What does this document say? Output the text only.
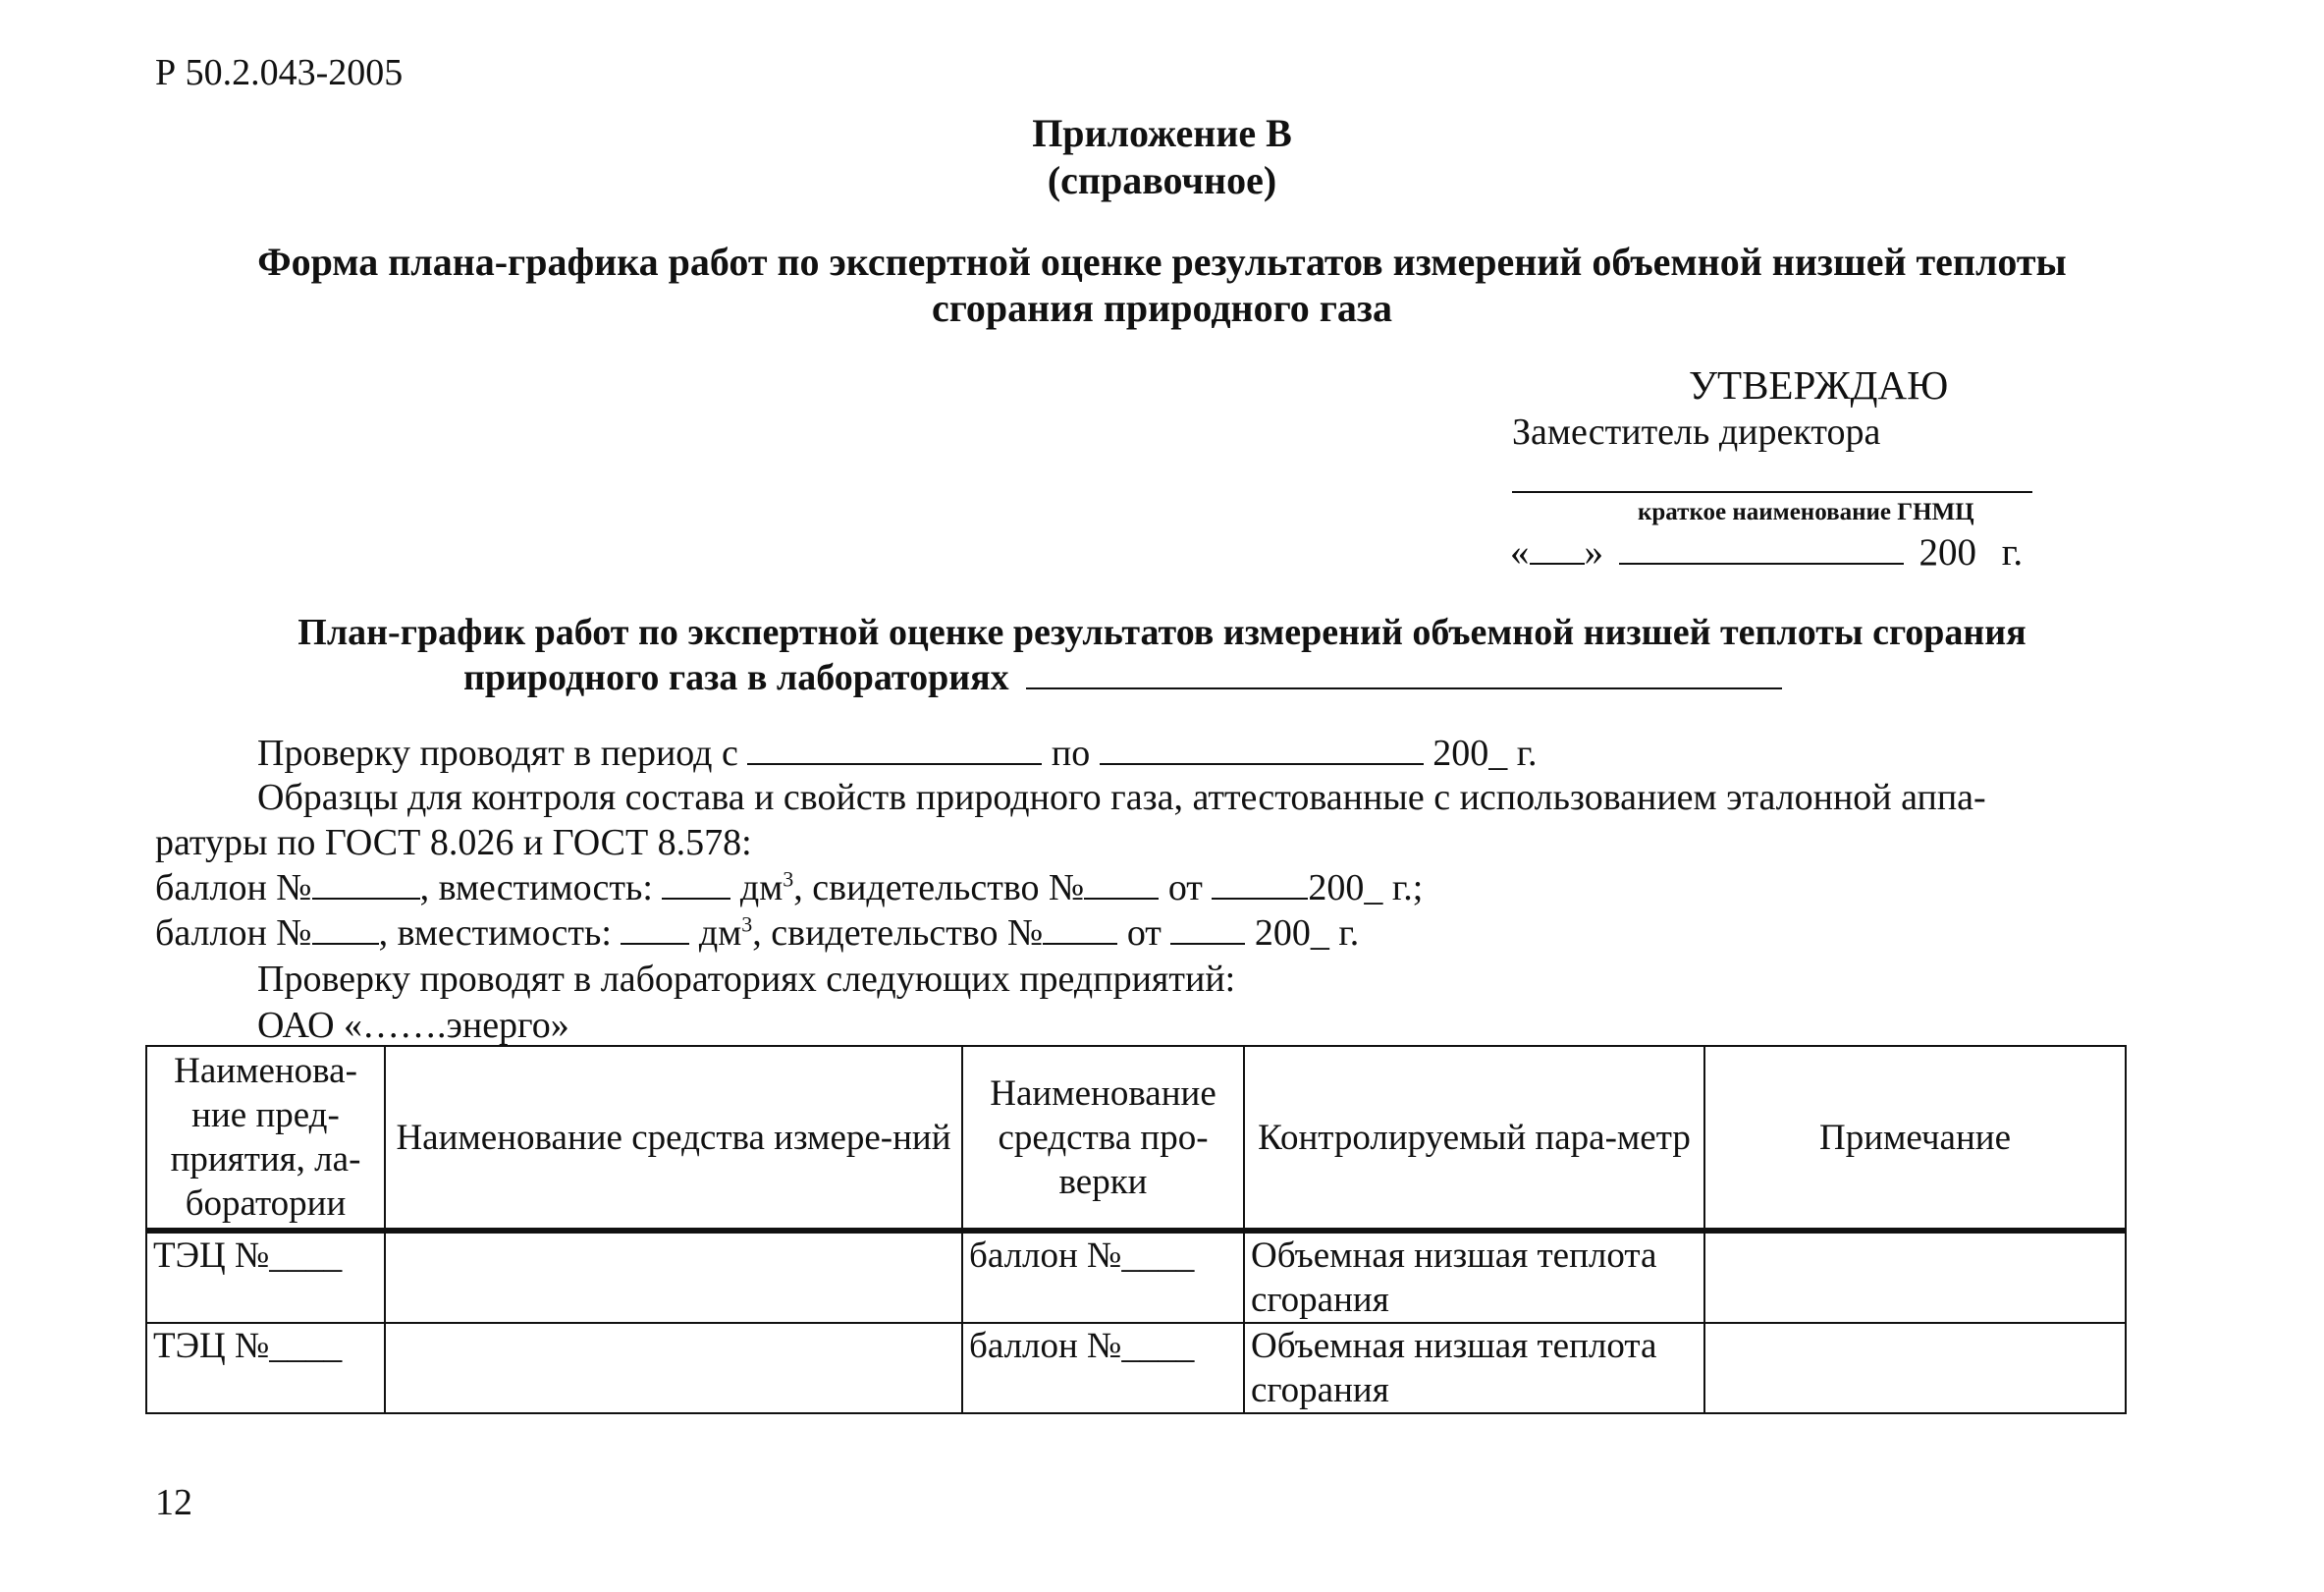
Р 50.2.043-2005
Приложение В
(справочное)
Форма плана-графика работ по экспертной оценке результатов измерений объемной низшей теплоты
сгорания природного газа
УТВЕРЖДАЮ
Заместитель директора
краткое наименование ГНМЦ
« »	200 г.
План-график работ по экспертной оценке результатов измерений объемной низшей теплоты сгорания
природного газа в лабораториях
Проверку проводят в период с	по	200_ г.
Образцы для контроля состава и свойств природного газа, аттестованные с использованием эталонной аппа-
ратуры по ГОСТ 8.026 и ГОСТ 8.578:
баллон №	, вместимость: $дм^3$, свидетельство № от	200_ г.;
баллон № , вместимость: $дм^3$, свидетельство № от	200_ г.
Проверку проводят в лабораториях следующих предприятий:
ОАО «…….энерго»
Наименова-ние пред-приятия, ла-боратории	Наименование средства измере-ний	Наименование средства про-верки	Контролируемый пара-метр	Примечание
ТЭЦ №____		баллон №____	Объемная низшая теплота сгорания	
ТЭЦ №____		баллон №____	Объемная низшая теплота сгорания	
12
